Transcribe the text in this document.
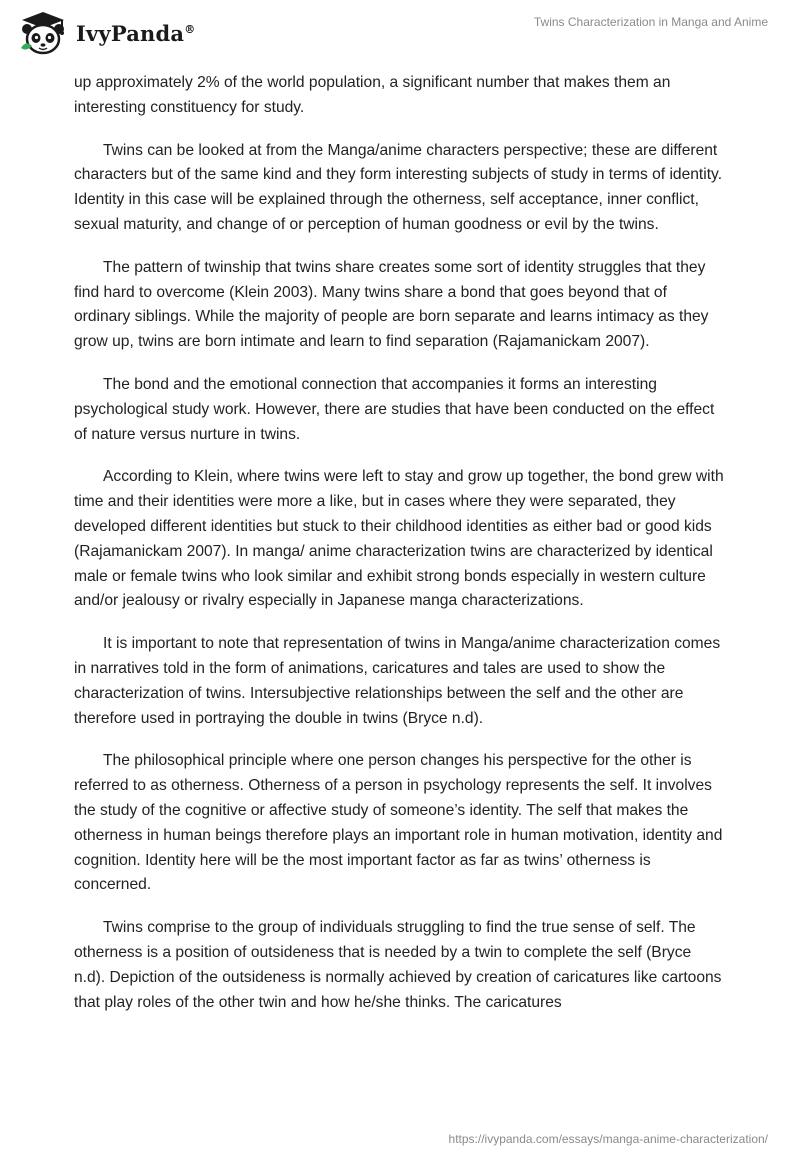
IvyPanda®	Twins Characterization in Manga and Anime

up approximately 2% of the world population, a significant number that makes them an interesting constituency for study.

Twins can be looked at from the Manga/anime characters perspective; these are different characters but of the same kind and they form interesting subjects of study in terms of identity. Identity in this case will be explained through the otherness, self acceptance, inner conflict, sexual maturity, and change of or perception of human goodness or evil by the twins.

The pattern of twinship that twins share creates some sort of identity struggles that they find hard to overcome (Klein 2003). Many twins share a bond that goes beyond that of ordinary siblings. While the majority of people are born separate and learns intimacy as they grow up, twins are born intimate and learn to find separation (Rajamanickam 2007).

The bond and the emotional connection that accompanies it forms an interesting psychological study work. However, there are studies that have been conducted on the effect of nature versus nurture in twins.

According to Klein, where twins were left to stay and grow up together, the bond grew with time and their identities were more a like, but in cases where they were separated, they developed different identities but stuck to their childhood identities as either bad or good kids (Rajamanickam 2007). In manga/ anime characterization twins are characterized by identical male or female twins who look similar and exhibit strong bonds especially in western culture and/or jealousy or rivalry especially in Japanese manga characterizations.

It is important to note that representation of twins in Manga/anime characterization comes in narratives told in the form of animations, caricatures and tales are used to show the characterization of twins. Intersubjective relationships between the self and the other are therefore used in portraying the double in twins (Bryce n.d).

The philosophical principle where one person changes his perspective for the other is referred to as otherness. Otherness of a person in psychology represents the self. It involves the study of the cognitive or affective study of someone’s identity. The self that makes the otherness in human beings therefore plays an important role in human motivation, identity and cognition. Identity here will be the most important factor as far as twins’ otherness is concerned.

Twins comprise to the group of individuals struggling to find the true sense of self. The otherness is a position of outsideness that is needed by a twin to complete the self (Bryce n.d). Depiction of the outsideness is normally achieved by creation of caricatures like cartoons that play roles of the other twin and how he/she thinks. The caricatures

https://ivypanda.com/essays/manga-anime-characterization/
